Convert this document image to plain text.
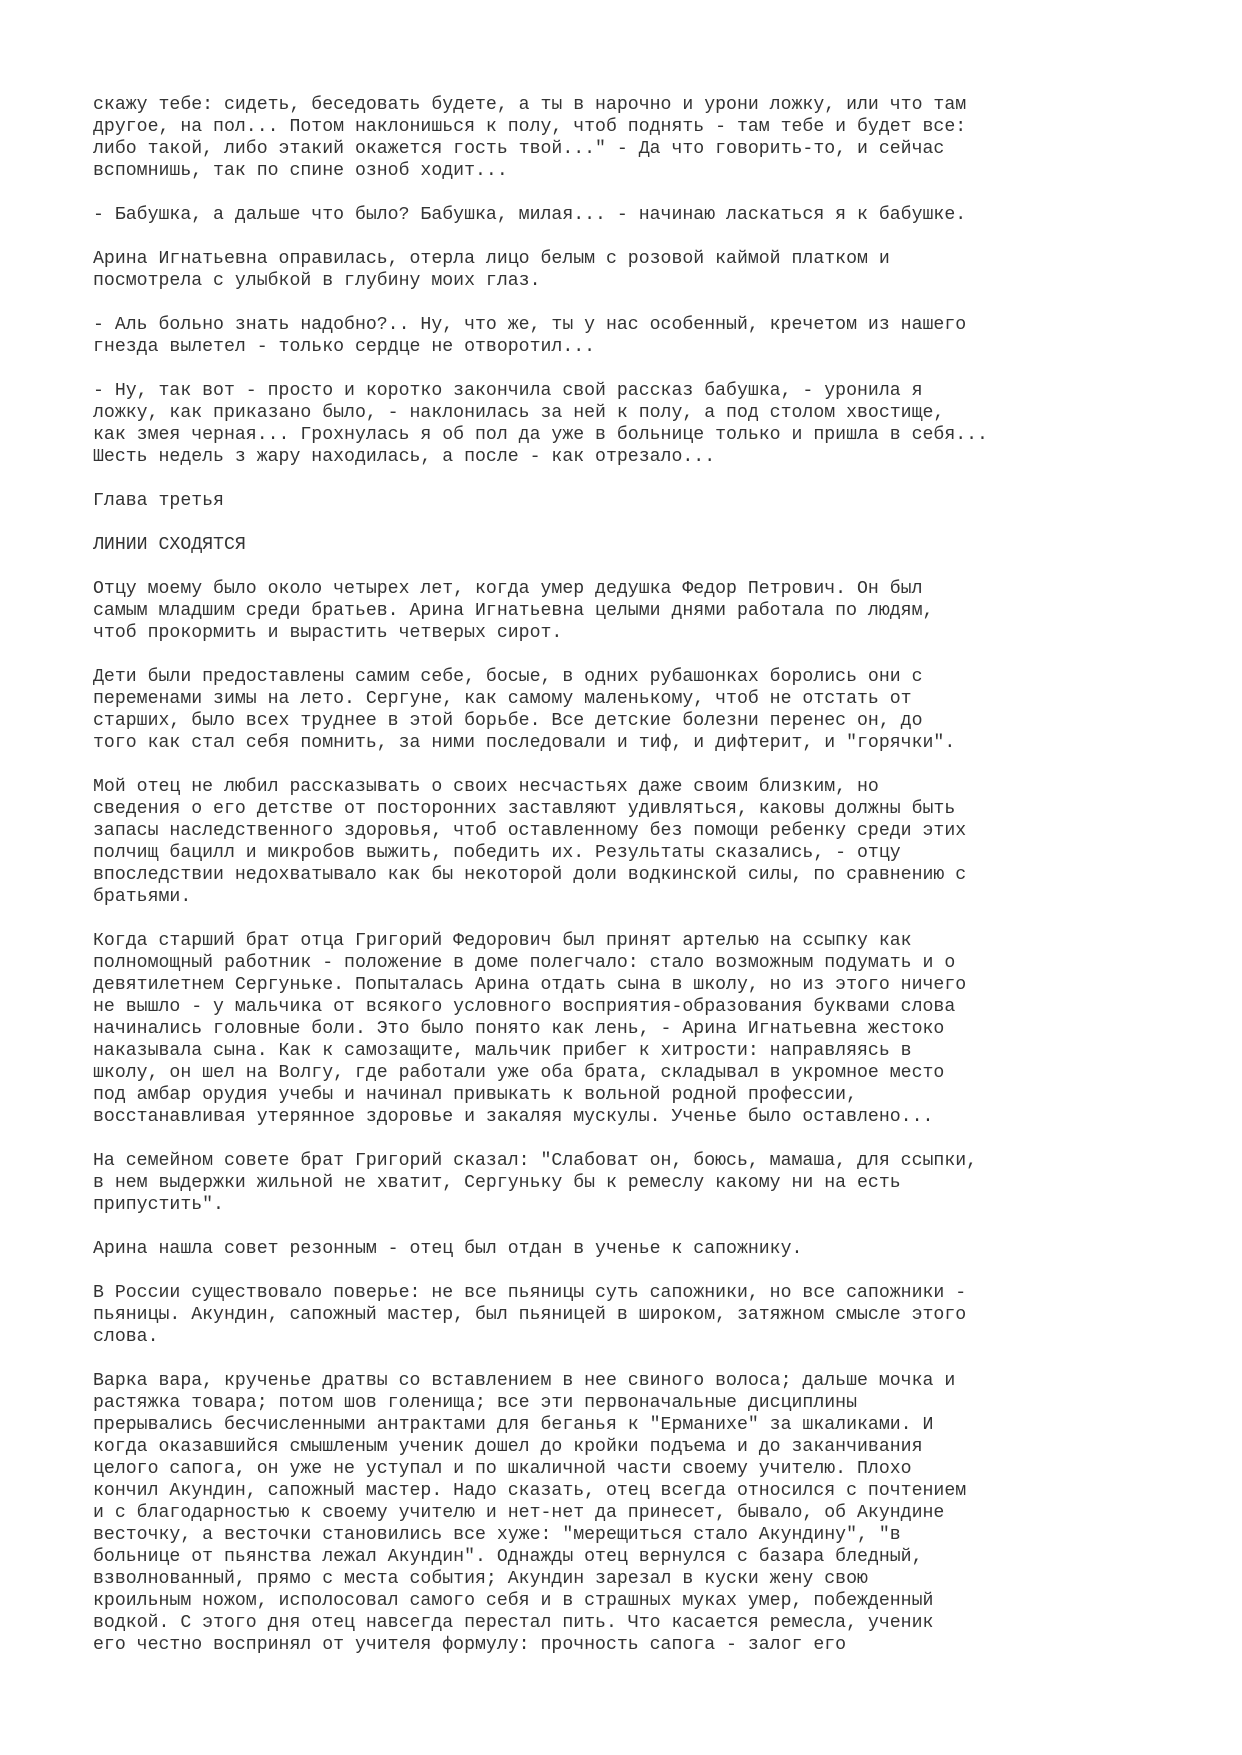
скажу тебе: сидеть, беседовать будете, а ты в нарочно и урони ложку, или что там
другое, на пол... Потом наклонишься к полу, чтоб поднять - там тебе и будет все:
либо такой, либо этакий окажется гость твой..." - Да что говорить-то, и сейчас
вспомнишь, так по спине озноб ходит...

- Бабушка, а дальше что было? Бабушка, милая... - начинаю ласкаться я к бабушке.

Арина Игнатьевна оправилась, отерла лицо белым с розовой каймой платком и
посмотрела с улыбкой в глубину моих глаз.

- Аль больно знать надобно?.. Ну, что же, ты у нас особенный, кречетом из нашего
гнезда вылетел - только сердце не отворотил...

- Ну, так вот - просто и коротко закончила свой рассказ бабушка, - уронила я
ложку, как приказано было, - наклонилась за ней к полу, а под столом хвостище,
как змея черная... Грохнулась я об пол да уже в больнице только и пришла в себя...
Шесть недель з жару находилась, а после - как отрезало...

Глава третья

ЛИНИИ СХОДЯТСЯ

Отцу моему было около четырех лет, когда умер дедушка Федор Петрович. Он был
самым младшим среди братьев. Арина Игнатьевна целыми днями работала по людям,
чтоб прокормить и вырастить четверых сирот.

Дети были предоставлены самим себе, босые, в одних рубашонках боролись они с
переменами зимы на лето. Сергуне, как самому маленькому, чтоб не отстать от
старших, было всех труднее в этой борьбе. Все детские болезни перенес он, до
того как стал себя помнить, за ними последовали и тиф, и дифтерит, и "горячки".

Мой отец не любил рассказывать о своих несчастьях даже своим близким, но
сведения о его детстве от посторонних заставляют удивляться, каковы должны быть
запасы наследственного здоровья, чтоб оставленному без помощи ребенку среди этих
полчищ бацилл и микробов выжить, победить их. Результаты сказались, - отцу
впоследствии недохватывало как бы некоторой доли водкинской силы, по сравнению с
братьями.

Когда старший брат отца Григорий Федорович был принят артелью на ссыпку как
полномощный работник - положение в доме полегчало: стало возможным подумать и о
девятилетнем Сергуньке. Попыталась Арина отдать сына в школу, но из этого ничего
не вышло - у мальчика от всякого условного восприятия-образования буквами слова
начинались головные боли. Это было понято как лень, - Арина Игнатьевна жестоко
наказывала сына. Как к самозащите, мальчик прибег к хитрости: направляясь в
школу, он шел на Волгу, где работали уже оба брата, складывал в укромное место
под амбар орудия учебы и начинал привыкать к вольной родной профессии,
восстанавливая утерянное здоровье и закаляя мускулы. Ученье было оставлено...

На семейном совете брат Григорий сказал: "Слабоват он, боюсь, мамаша, для ссыпки,
в нем выдержки жильной не хватит, Сергуньку бы к ремеслу какому ни на есть
припустить".

Арина нашла совет резонным - отец был отдан в ученье к сапожнику.

В России существовало поверье: не все пьяницы суть сапожники, но все сапожники -
пьяницы. Акундин, сапожный мастер, был пьяницей в широком, затяжном смысле этого
слова.

Варка вара, крученье дратвы со вставлением в нее свиного волоса; дальше мочка и
растяжка товара; потом шов голенища; все эти первоначальные дисциплины
прерывались бесчисленными антрактами для беганья к "Ерманихе" за шкаликами. И
когда оказавшийся смышленым ученик дошел до кройки подъема и до заканчивания
целого сапога, он уже не уступал и по шкаличной части своему учителю. Плохо
кончил Акундин, сапожный мастер. Надо сказать, отец всегда относился с почтением
и с благодарностью к своему учителю и нет-нет да принесет, бывало, об Акундине
весточку, а весточки становились все хуже: "мерещиться стало Акундину", "в
больнице от пьянства лежал Акундин". Однажды отец вернулся с базара бледный,
взволнованный, прямо с места события; Акундин зарезал в куски жену свою
кроильным ножом, исполосовал самого себя и в страшных муках умер, побежденный
водкой. С этого дня отец навсегда перестал пить. Что касается ремесла, ученик
его честно воспринял от учителя формулу: прочность сапога - залог его
